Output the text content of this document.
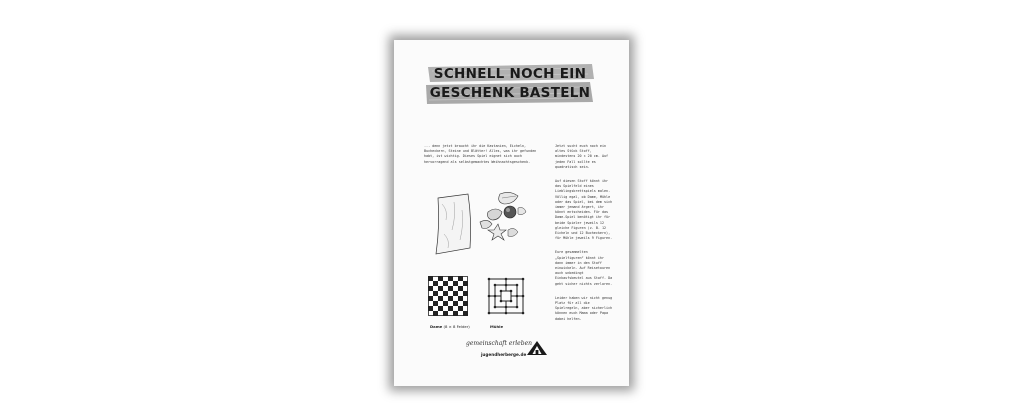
SCHNELL NOCH EIN
GESCHENK BASTELN
... denn jetzt braucht ihr die Kastanien, Eicheln, Bucheckern, Steine und Blätter! Alles, was ihr gefunden habt, ist wichtig. Dieses Spiel eignet sich auch hervorragend als selbstgemachtes Weihnachtsgeschenk.

Jetzt sucht euch noch ein altes Stück Stoff, mindestens 20 × 20 cm. Auf jeden Fall sollte es quadratisch sein.

Auf diesen Stoff könnt ihr das Spielfeld eines Lieblingsbrettspiels malen. Völlig egal, ob Dame, Mühle oder das Spiel, bei dem sich immer jemand ärgert, ihr könnt entscheiden. Für das Dame-Spiel benötigt ihr für beide Spieler jeweils 12 gleiche Figuren (z. B. 12 Eicheln und 12 Bucheckern), für Mühle jeweils 9 Figuren.

Eure gesammelten „Spielfiguren“ könnt ihr dann immer in den Stoff einwickeln. Auf Reisetouren auch unbedingt Einkaufsbeutel aus Stoff. Da geht sicher nichts verloren.

Leider haben wir nicht genug Platz für all die Spielregeln, aber sicherlich können euch Mama oder Papa dabei helfen.

Dame (8 × 8 Felder)	Mühle
gemeinschaft erleben
jugendherberge.de
